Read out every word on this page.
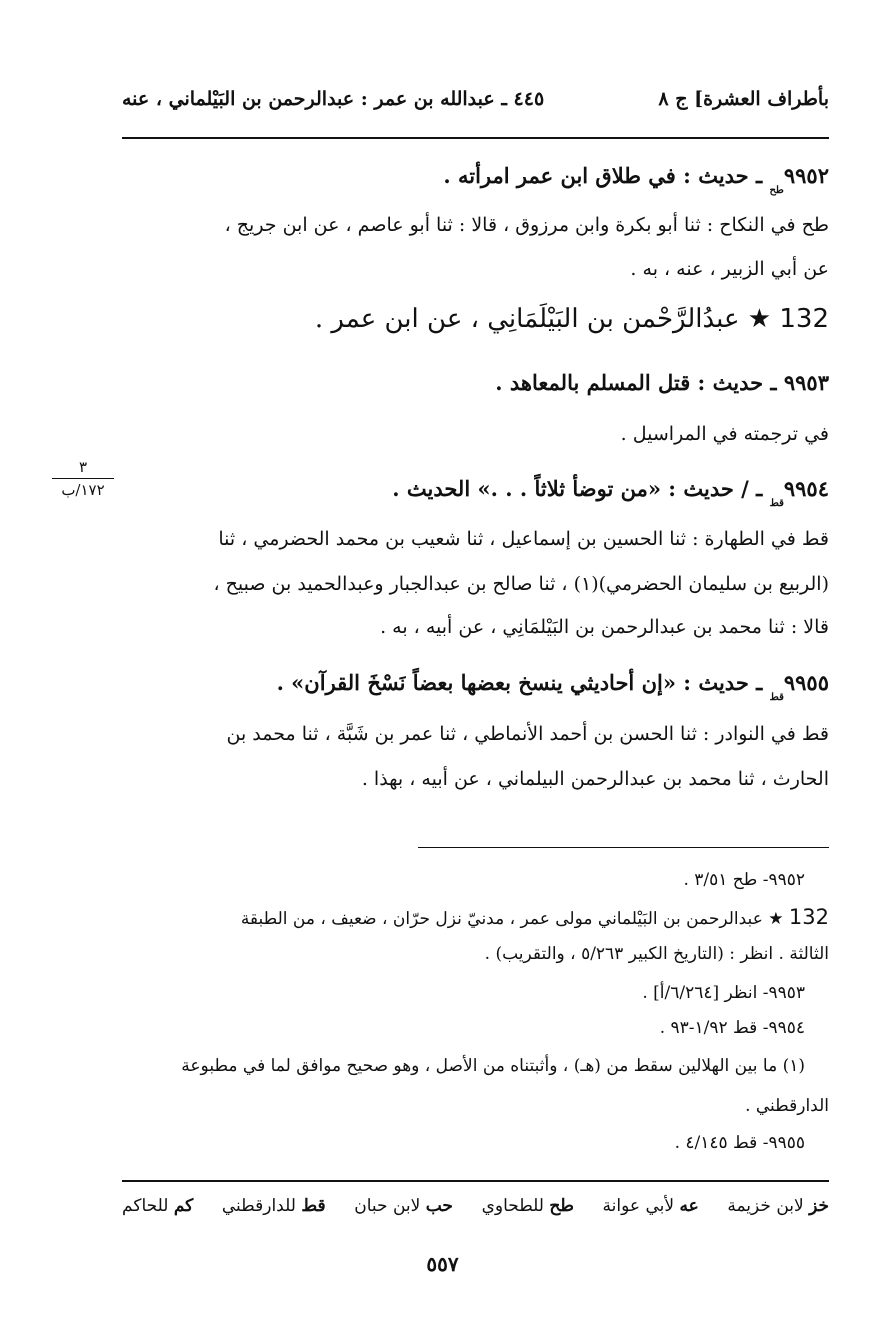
بأطراف العشرة] ج ٨
٤٤٥ ـ عبدالله بن عمر : عبدالرحمن بن البَيْلماني ، عنه
$٩٩٥٢_{طح}$ ـ حديث : في طلاق ابن عمر امرأته .
طح في النكاح : ثنا أبو بكرة وابن مرزوق ، قالا : ثنا أبو عاصم ، عن ابن جريج ،
عن أبي الزبير ، عنه ، به .
132 ★ عبدُالرَّحْمن بن البَيْلَمَانِي ، عن ابن عمر .
٩٩٥٣ ـ حديث : قتل المسلم بالمعاهد .
في ترجمته في المراسيل .
٣
١٧٢/ب	$٩٩٥٤_{قط}$ ـ / حديث : «من توضأ ثلاثاً . . .» الحديث .
قط في الطهارة : ثنا الحسين بن إسماعيل ، ثنا شعيب بن محمد الحضرمي ، ثنا
(الربيع بن سليمان الحضرمي)(١) ، ثنا صالح بن عبدالجبار وعبدالحميد بن صبيح ،
قالا : ثنا محمد بن عبدالرحمن بن البَيْلمَانِي ، عن أبيه ، به .
$٩٩٥٥_{قط}$ ـ حديث : «إن أحاديثي ينسخ بعضها بعضاً نَسْخَ القرآن» .
قط في النوادر : ثنا الحسن بن أحمد الأنماطي ، ثنا عمر بن شَبَّة ، ثنا محمد بن
الحارث ، ثنا محمد بن عبدالرحمن البيلماني ، عن أبيه ، بهذا .
٩٩٥٢- طح ٣/٥١ .
132 ★ عبدالرحمن بن البَيْلماني مولى عمر ، مدنيّ نزل حرّان ، ضعيف ، من الطبقة
الثالثة . انظر : (التاريخ الكبير ٥/٢٦٣ ، والتقريب) .
٩٩٥٣- انظر [٦/٢٦٤/أ] .
٩٩٥٤- قط ١/٩٢-٩٣ .
(١) ما بين الهلالين سقط من (هـ) ، وأثبتناه من الأصل ، وهو صحيح موافق لما في مطبوعة
الدارقطني .
٩٩٥٥- قط ٤/١٤٥ .
خز لابن خزيمة
عه لأبي عوانة
طح للطحاوي
حب لابن حبان
قط للدارقطني
كم للحاكم
٥٥٧
